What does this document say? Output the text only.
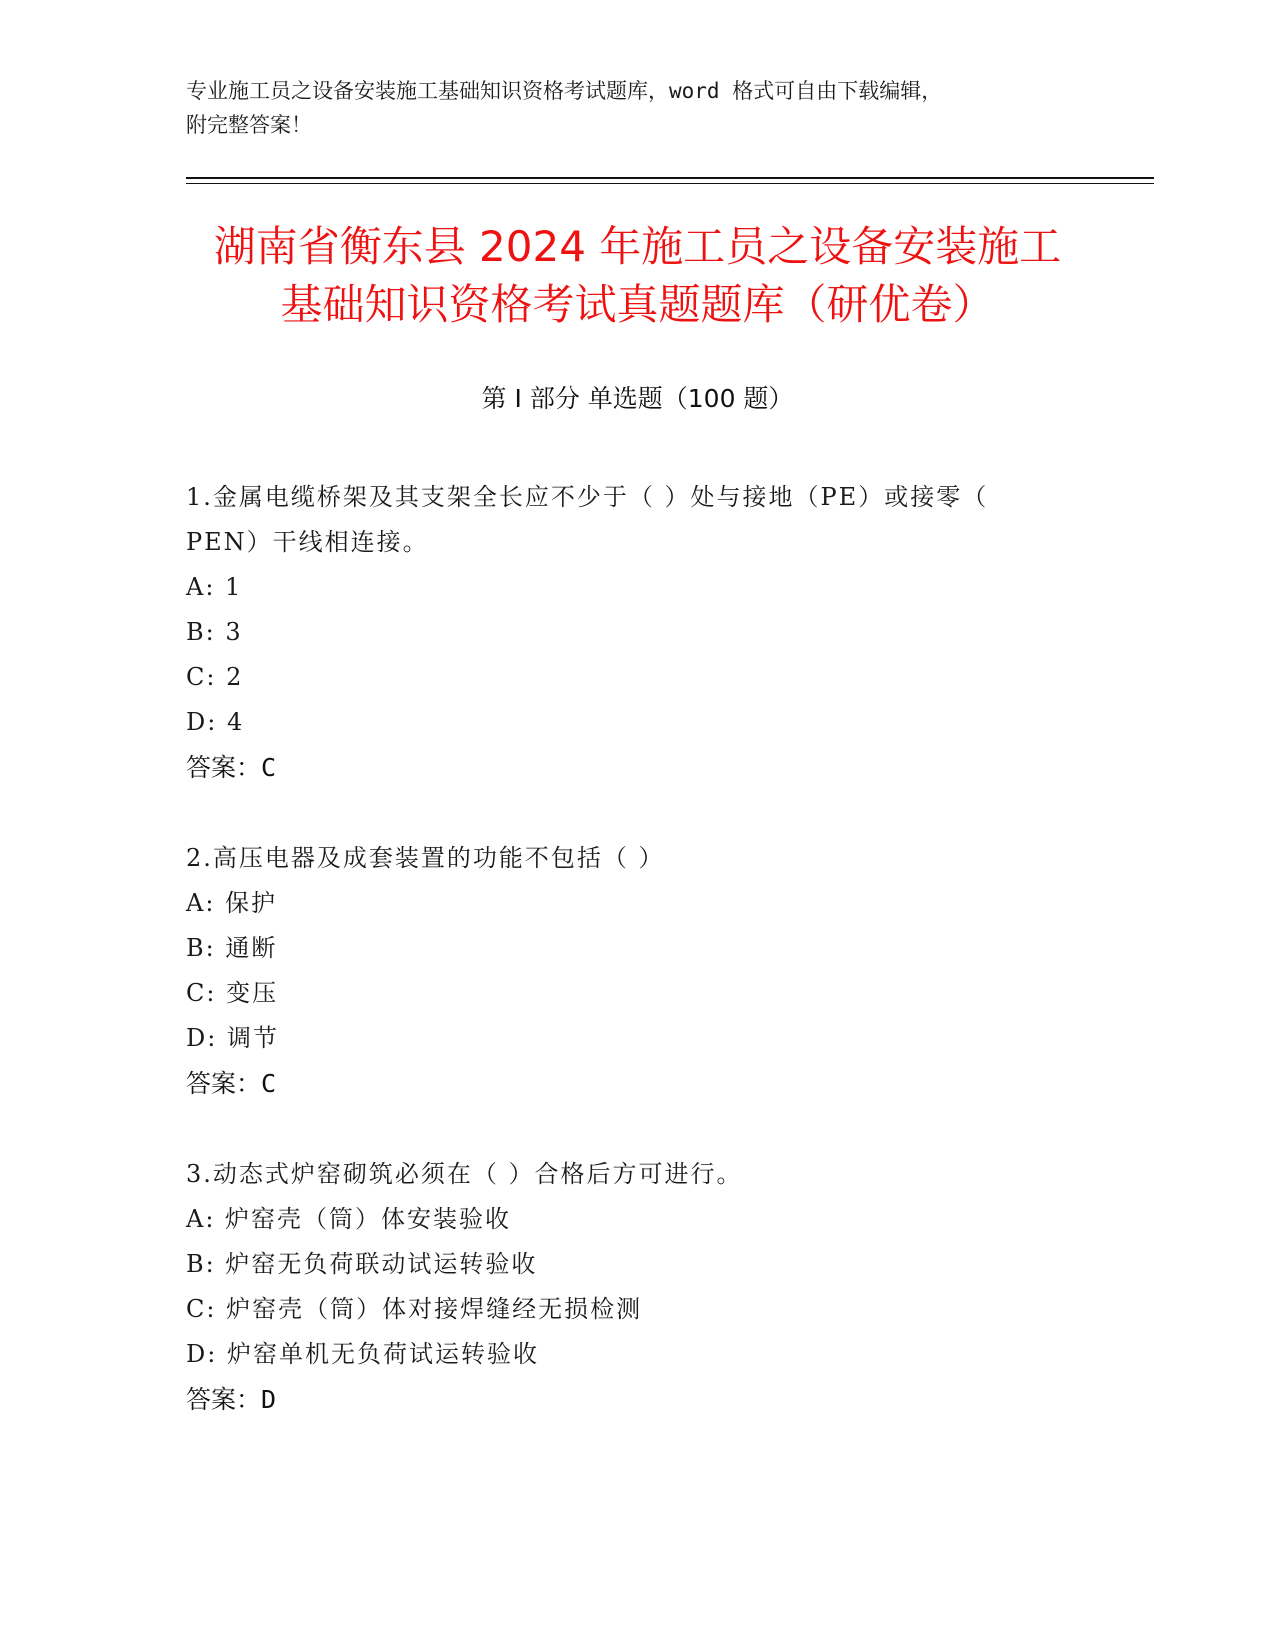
专业施工员之设备安装施工基础知识资格考试题库，word 格式可自由下载编辑，
附完整答案！
湖南省衡东县 2024 年施工员之设备安装施工
基础知识资格考试真题题库（研优卷）
第 I 部分 单选题（100 题）
1.金属电缆桥架及其支架全长应不少于（ ）处与接地（PE）或接零（
PEN）干线相连接。
A: 1
B: 3
C: 2
D: 4
答案：C
2.高压电器及成套装置的功能不包括（ ）
A: 保护
B: 通断
C: 变压
D: 调节
答案：C
3.动态式炉窑砌筑必须在（ ）合格后方可进行。
A: 炉窑壳（筒）体安装验收
B: 炉窑无负荷联动试运转验收
C: 炉窑壳（筒）体对接焊缝经无损检测
D: 炉窑单机无负荷试运转验收
答案：D
